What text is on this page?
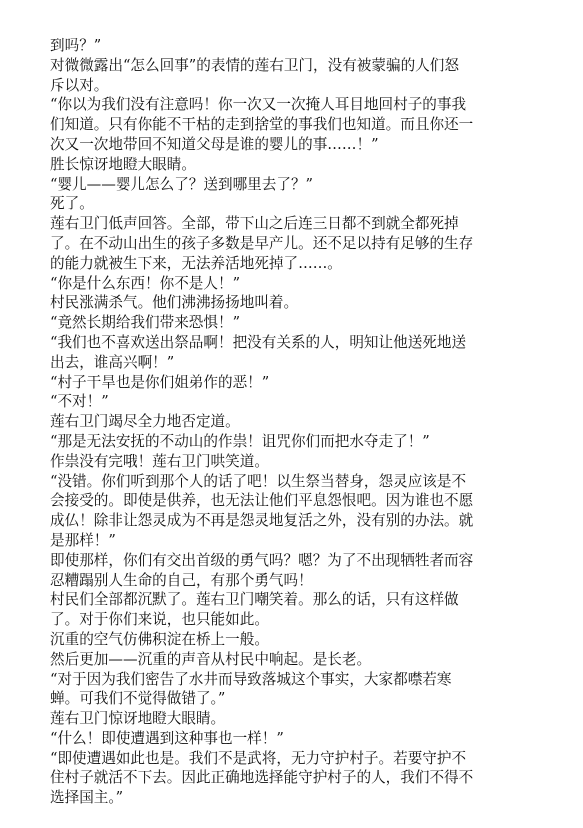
到吗？”
对微微露出“怎么回事”的表情的莲右卫门，没有被蒙骗的人们怒
斥以对。
“你以为我们没有注意吗！你一次又一次掩人耳目地回村子的事我
们知道。只有你能不干枯的走到捨堂的事我们也知道。而且你还一
次又一次地带回不知道父母是谁的婴儿的事……！”
胜长惊讶地瞪大眼睛。
“婴儿——婴儿怎么了？送到哪里去了？”
死了。
莲右卫门低声回答。全部，带下山之后连三日都不到就全都死掉
了。在不动山出生的孩子多数是早产儿。还不足以持有足够的生存
的能力就被生下来，无法养活地死掉了……。
“你是什么东西！你不是人！”
村民涨满杀气。他们沸沸扬扬地叫着。
“竟然长期给我们带来恐惧！”
“我们也不喜欢送出祭品啊！把没有关系的人，明知让他送死地送
出去，谁高兴啊！”
“村子干旱也是你们姐弟作的恶！”
“不对！”
莲右卫门竭尽全力地否定道。
“那是无法安抚的不动山的作祟！诅咒你们而把水夺走了！”
作祟没有完哦！莲右卫门哄笑道。
“没错。你们听到那个人的话了吧！以生祭当替身，怨灵应该是不
会接受的。即使是供养，也无法让他们平息怨恨吧。因为谁也不愿
成仏！除非让怨灵成为不再是怨灵地复活之外，没有别的办法。就
是那样！”
即使那样，你们有交出首级的勇气吗？嗯？为了不出现牺牲者而容
忍糟蹋别人生命的自己，有那个勇气吗！
村民们全部都沉默了。莲右卫门嘲笑着。那么的话，只有这样做
了。对于你们来说，也只能如此。
沉重的空气仿佛积淀在桥上一般。
然后更加——沉重的声音从村民中响起。是长老。
“对于因为我们密告了水井而导致落城这个事实，大家都噤若寒
蝉。可我们不觉得做错了。”
莲右卫门惊讶地瞪大眼睛。
“什么！即使遭遇到这种事也一样！”
“即使遭遇如此也是。我们不是武将，无力守护村子。若要守护不
住村子就活不下去。因此正确地选择能守护村子的人，我们不得不
选择国主。”
